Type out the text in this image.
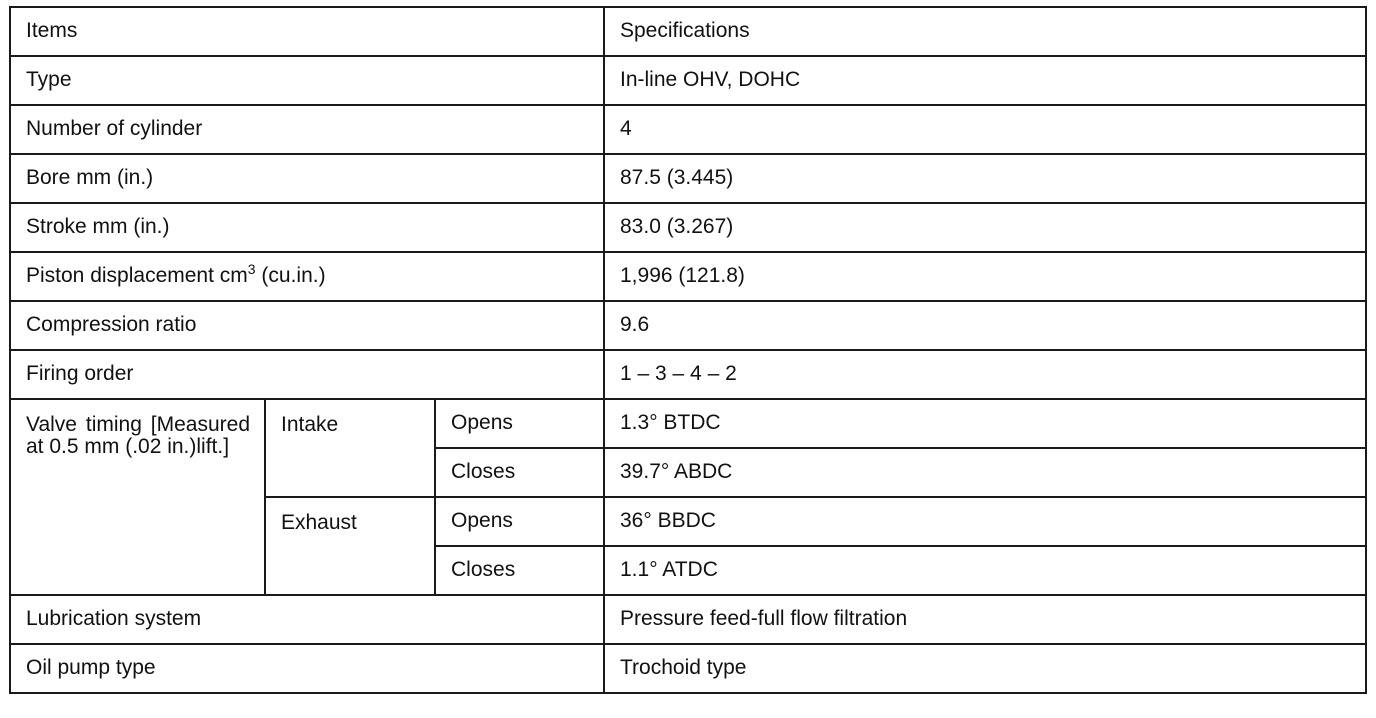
Items			Specifications
Type			In-line OHV, DOHC
Number of cylinder			4
Bore mm (in.)			87.5 (3.445)
Stroke mm (in.)			83.0 (3.267)
Piston displacement $cm^3$ (cu.in.)			1,996 (121.8)
Compression ratio			9.6
Firing order			1 – 3 – 4 – 2
Valve timing [Measured at 0.5 mm (.02 in.)lift.]	Intake	Opens	1.3° BTDC
		Closes	39.7° ABDC
	Exhaust	Opens	36° BBDC
		Closes	1.1° ATDC
Lubrication system			Pressure feed-full flow filtration
Oil pump type			Trochoid type
